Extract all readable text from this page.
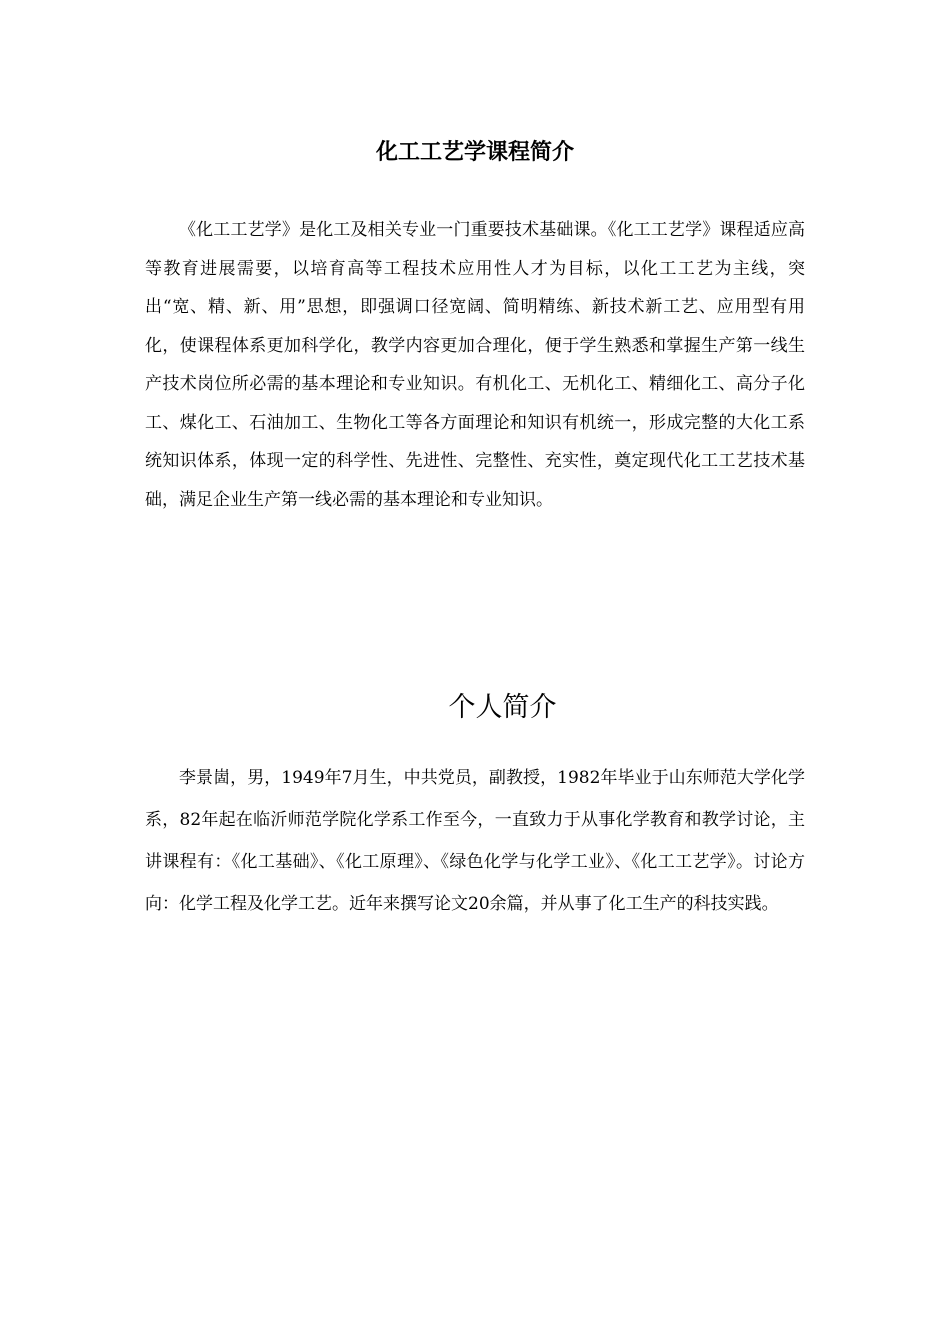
化工工艺学课程简介

《化工工艺学》是化工及相关专业一门重要技术基础课。《化工工艺学》课程适应高等教育进展需要，以培育高等工程技术应用性人才为目标，以化工工艺为主线，突出“宽、精、新、用”思想，即强调口径宽阔、简明精练、新技术新工艺、应用型有用化，使课程体系更加科学化，教学内容更加合理化，便于学生熟悉和掌握生产第一线生产技术岗位所必需的基本理论和专业知识。有机化工、无机化工、精细化工、高分子化工、煤化工、石油加工、生物化工等各方面理论和知识有机统一，形成完整的大化工系统知识体系，体现一定的科学性、先进性、完整性、充实性，奠定现代化工工艺技术基础，满足企业生产第一线必需的基本理论和专业知识。

个人简介

李景崮，男，1949年7月生，中共党员，副教授，1982年毕业于山东师范大学化学系，82年起在临沂师范学院化学系工作至今，一直致力于从事化学教育和教学讨论，主讲课程有：《化工基础》、《化工原理》、《绿色化学与化学工业》、《化工工艺学》。讨论方向：化学工程及化学工艺。近年来撰写论文20余篇，并从事了化工生产的科技实践。
